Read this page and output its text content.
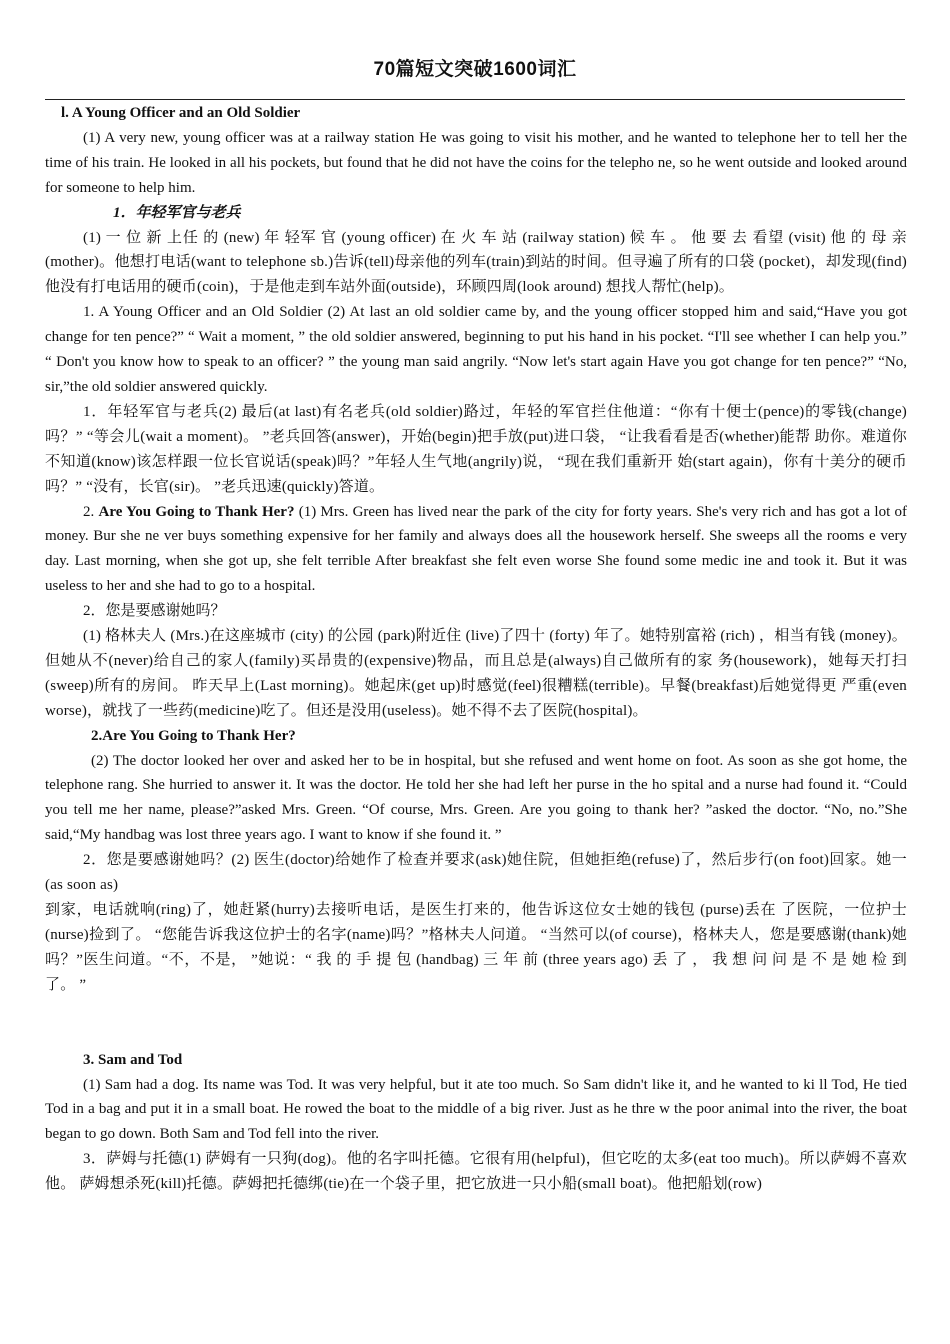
70篇短文突破1600词汇

l. A Young Officer and an Old Soldier

(1) A very new, young officer was at a railway station He was going to visit his mother, and he wanted to telephone her to tell her the time of his train. He looked in all his pockets, but found that he did not have the coins for the telepho ne, so he went outside and looked around for someone to help him.

1．年轻军官与老兵

(1) 一 位 新 上任 的 (new) 年 轻军 官 (young officer) 在 火 车 站 (railway station) 候 车 。 他 要 去 看望 (visit) 他 的 母 亲 (mother)。他想打电话(want to telephone sb.)告诉(tell)母亲他的列车(train)到站的时间。但寻遍了所有的口袋 (pocket)，却发现(find)他没有打电话用的硬币(coin)，于是他走到车站外面(outside)，环顾四周(look around) 想找人帮忙(help)。

1. A Young Officer and an Old Soldier (2) At last an old soldier came by, and the young officer stopped him and said,“Have you got change for ten pence?” “ Wait a moment, ” the old soldier answered, beginning to put his hand in his pocket. “I'll see whether I can help you.” “ Don't you know how to speak to an officer? ” the young man said angrily. “Now let's start again Have you got change for ten pence?” “No, sir,”the old soldier answered quickly.

1．年轻军官与老兵(2) 最后(at last)有名老兵(old soldier)路过，年轻的军官拦住他道：“你有十便士(pence)的零钱(change)吗？” “等会儿(wait a moment)。 ”老兵回答(answer)，开始(begin)把手放(put)进口袋， “让我看看是否(whether)能帮 助你。难道你不知道(know)该怎样跟一位长官说话(speak)吗？”年轻人生气地(angrily)说， “现在我们重新开 始(start again)，你有十美分的硬币吗？” “没有，长官(sir)。 ”老兵迅速(quickly)答道。

2. Are You Going to Thank Her? (1) Mrs. Green has lived near the park of the city for forty years. She's very rich and has got a lot of money. Bur she ne ver buys something expensive for her family and always does all the housework herself. She sweeps all the rooms e very day. Last morning, when she got up, she felt terrible After breakfast she felt even worse She found some medic ine and took it. But it was useless to her and she had to go to a hospital.

2．您是要感谢她吗？

(1) 格林夫人 (Mrs.)在这座城市 (city) 的公园 (park)附近住 (live)了四十 (forty) 年了。她特别富裕 (rich) ，相当有钱 (money)。但她从不(never)给自己的家人(family)买昂贵的(expensive)物品，而且总是(always)自己做所有的家 务(housework)，她每天打扫(sweep)所有的房间。 昨天早上(Last morning)。她起床(get up)时感觉(feel)很糟糕(terrible)。早餐(breakfast)后她觉得更 严重(even worse)，就找了一些药(medicine)吃了。但还是没用(useless)。她不得不去了医院(hospital)。

2.Are You Going to Thank Her?

(2) The doctor looked her over and asked her to be in hospital, but she refused and went home on foot. As soon as she got home, the telephone rang. She hurried to answer it. It was the doctor. He told her she had left her purse in the ho spital and a nurse had found it. “Could you tell me her name, please?”asked Mrs. Green. “Of course, Mrs. Green. Are you going to thank her? ”asked the doctor. “No, no.”She said,“My handbag was lost three years ago. I want to know if she found it. ”

2．您是要感谢她吗？(2) 医生(doctor)给她作了检查并要求(ask)她住院，但她拒绝(refuse)了，然后步行(on foot)回家。她一(as soon as)

到家，电话就响(ring)了，她赶紧(hurry)去接听电话，是医生打来的，他告诉这位女士她的钱包 (purse)丢在 了医院，一位护士(nurse)捡到了。 “您能告诉我这位护士的名字(name)吗？”格林夫人问道。 “当然可以(of course)，格林夫人，您是要感谢(thank)她吗？”医生问道。“不，不是， ”她说：“ 我 的 手 提 包 (handbag) 三 年 前 (three years ago) 丢 了 ， 我 想 问 问 是 不 是 她 检 到 了。 ”

3. Sam and Tod

(1) Sam had a dog. Its name was Tod. It was very helpful, but it ate too much. So Sam didn't like it, and he wanted to ki ll Tod, He tied Tod in a bag and put it in a small boat. He rowed the boat to the middle of a big river. Just as he thre w the poor animal into the river, the boat began to go down. Both Sam and Tod fell into the river.

3．萨姆与托德(1) 萨姆有一只狗(dog)。他的名字叫托德。它很有用(helpful)，但它吃的太多(eat too much)。所以萨姆不喜欢他。 萨姆想杀死(kill)托德。萨姆把托德绑(tie)在一个袋子里，把它放进一只小船(small boat)。他把船划(row)
